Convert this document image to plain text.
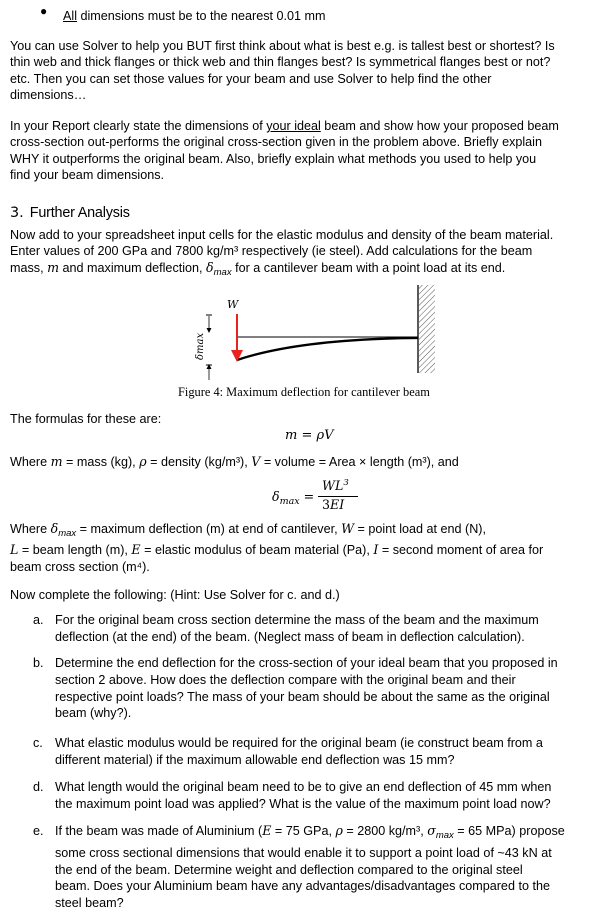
● All dimensions must be to the nearest 0.01 mm
You can use Solver to help you BUT first think about what is best e.g. is tallest best or shortest? Is
thin web and thick flanges or thick web and thin flanges best? Is symmetrical flanges best or not?
etc. Then you can set those values for your beam and use Solver to help find the other
dimensions…
In your Report clearly state the dimensions of your ideal beam and show how your proposed beam
cross-section out-performs the original cross-section given in the problem above. Briefly explain
WHY it outperforms the original beam. Also, briefly explain what methods you used to help you
find your beam dimensions.
3. Further Analysis
Now add to your spreadsheet input cells for the elastic modulus and density of the beam material.
Enter values of 200 GPa and 7800 kg/m³ respectively (ie steel). Add calculations for the beam
mass, m and maximum deflection, $\delta_{max}$ for a cantilever beam with a point load at its end.
W
δmax
Figure 4: Maximum deflection for cantilever beam
The formulas for these are:
m = ρV
Where m = mass (kg), ρ = density (kg/m³), V = volume = Area × length (m³), and
$\delta_{max}$ =
$WL^3$
3EI
Where $\delta_{max}$ = maximum deflection (m) at end of cantilever, W = point load at end (N),
L = beam length (m), E = elastic modulus of beam material (Pa), I = second moment of area for
beam cross section (m⁴).
Now complete the following: (Hint: Use Solver for c. and d.)
a. For the original beam cross section determine the mass of the beam and the maximum
deflection (at the end) of the beam. (Neglect mass of beam in deflection calculation).
b. Determine the end deflection for the cross-section of your ideal beam that you proposed in
section 2 above. How does the deflection compare with the original beam and their
respective point loads? The mass of your beam should be about the same as the original
beam (why?).
c. What elastic modulus would be required for the original beam (ie construct beam from a
different material) if the maximum allowable end deflection was 15 mm?
d. What length would the original beam need to be to give an end deflection of 45 mm when
the maximum point load was applied? What is the value of the maximum point load now?
e. If the beam was made of Aluminium (E = 75 GPa, ρ = 2800 kg/m³, $\sigma_{max} = 65$ MPa) propose
some cross sectional dimensions that would enable it to support a point load of ~43 kN at
the end of the beam. Determine weight and deflection compared to the original steel
beam. Does your Aluminium beam have any advantages/disadvantages compared to the
steel beam?
